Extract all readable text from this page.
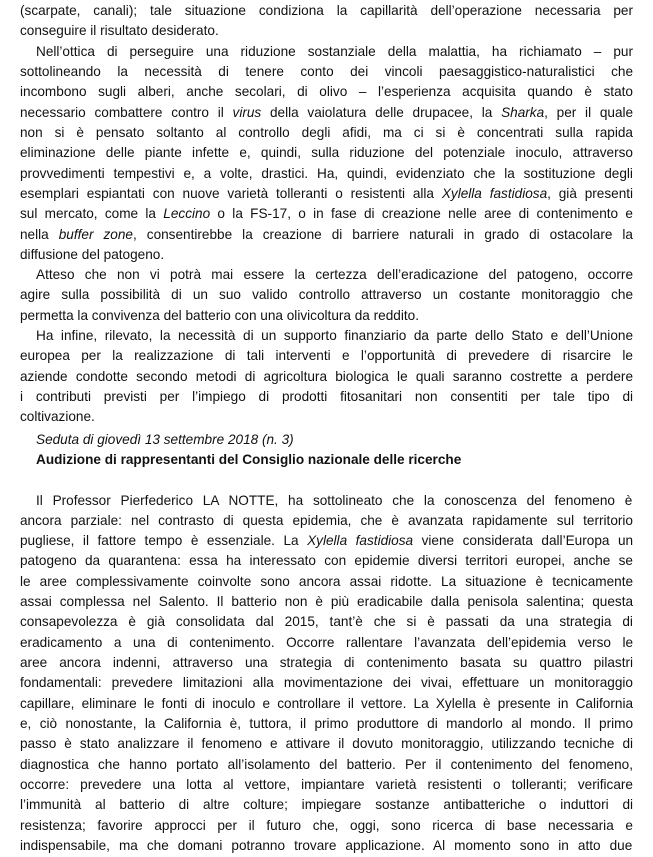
(scarpate, canali); tale situazione condiziona la capillarità dell’operazione necessaria per
conseguire il risultato desiderato.
Nell’ottica di perseguire una riduzione sostanziale della malattia, ha richiamato – pur
sottolineando la necessità di tenere conto dei vincoli paesaggistico-naturalistici che
incombono sugli alberi, anche secolari, di olivo – l’esperienza acquisita quando è stato
necessario combattere contro il virus della vaiolatura delle drupacee, la Sharka, per il quale
non si è pensato soltanto al controllo degli afidi, ma ci si è concentrati sulla rapida
eliminazione delle piante infette e, quindi, sulla riduzione del potenziale inoculo, attraverso
provvedimenti tempestivi e, a volte, drastici. Ha, quindi, evidenziato che la sostituzione degli
esemplari espiantati con nuove varietà tolleranti o resistenti alla Xylella fastidiosa, già presenti
sul mercato, come la Leccino o la FS-17, o in fase di creazione nelle aree di contenimento e
nella buffer zone, consentirebbe la creazione di barriere naturali in grado di ostacolare la
diffusione del patogeno.
Atteso che non vi potrà mai essere la certezza dell’eradicazione del patogeno, occorre
agire sulla possibilità di un suo valido controllo attraverso un costante monitoraggio che
permetta la convivenza del batterio con una olivicoltura da reddito.
Ha infine, rilevato, la necessità di un supporto finanziario da parte dello Stato e dell’Unione
europea per la realizzazione di tali interventi e l’opportunità di prevedere di risarcire le
aziende condotte secondo metodi di agricoltura biologica le quali saranno costrette a perdere
i contributi previsti per l’impiego di prodotti fitosanitari non consentiti per tale tipo di
coltivazione.
Seduta di giovedì 13 settembre 2018 (n. 3)
Audizione di rappresentanti del Consiglio nazionale delle ricerche
Il Professor Pierfederico LA NOTTE, ha sottolineato che la conoscenza del fenomeno è
ancora parziale: nel contrasto di questa epidemia, che è avanzata rapidamente sul territorio
pugliese, il fattore tempo è essenziale. La Xylella fastidiosa viene considerata dall’Europa un
patogeno da quarantena: essa ha interessato con epidemie diversi territori europei, anche se
le aree complessivamente coinvolte sono ancora assai ridotte. La situazione è tecnicamente
assai complessa nel Salento. Il batterio non è più eradicabile dalla penisola salentina; questa
consapevolezza è già consolidata dal 2015, tant’è che si è passati da una strategia di
eradicamento a una di contenimento. Occorre rallentare l’avanzata dell’epidemia verso le
aree ancora indenni, attraverso una strategia di contenimento basata su quattro pilastri
fondamentali: prevedere limitazioni alla movimentazione dei vivai, effettuare un monitoraggio
capillare, eliminare le fonti di inoculo e controllare il vettore. La Xylella è presente in California
e, ciò nonostante, la California è, tuttora, il primo produttore di mandorlo al mondo. Il primo
passo è stato analizzare il fenomeno e attivare il dovuto monitoraggio, utilizzando tecniche di
diagnostica che hanno portato all’isolamento del batterio. Per il contenimento del fenomeno,
occorre: prevedere una lotta al vettore, impiantare varietà resistenti o tolleranti; verificare
l’immunità al batterio di altre colture; impiegare sostanze antibatteriche o induttori di
resistenza; favorire approcci per il futuro che, oggi, sono ricerca di base necessaria e
indispensabile, ma che domani potranno trovare applicazione. Al momento sono in atto due
